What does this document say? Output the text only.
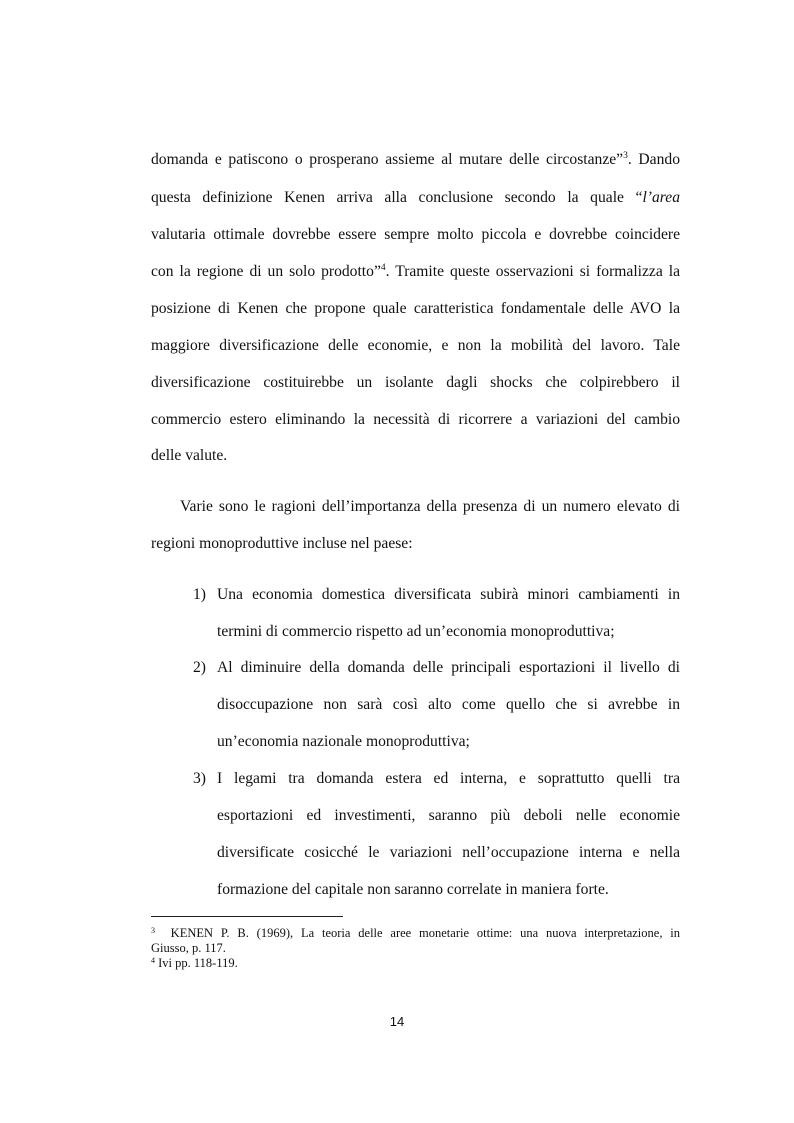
domanda e patiscono o prosperano assieme al mutare delle circostanze”$^3$. Dando
questa definizione Kenen arriva alla conclusione secondo la quale “l’area
valutaria ottimale dovrebbe essere sempre molto piccola e dovrebbe coincidere
con la regione di un solo prodotto”$^4$. Tramite queste osservazioni si formalizza la
posizione di Kenen che propone quale caratteristica fondamentale delle AVO la
maggiore diversificazione delle economie, e non la mobilità del lavoro. Tale
diversificazione costituirebbe un isolante dagli shocks che colpirebbero il
commercio estero eliminando la necessità di ricorrere a variazioni del cambio
delle valute.
Varie sono le ragioni dell’importanza della presenza di un numero elevato di
regioni monoproduttive incluse nel paese:
1) Una economia domestica diversificata subirà minori cambiamenti in
termini di commercio rispetto ad un’economia monoproduttiva;
2) Al diminuire della domanda delle principali esportazioni il livello di
disoccupazione non sarà così alto come quello che si avrebbe in
un’economia nazionale monoproduttiva;
3) I legami tra domanda estera ed interna, e soprattutto quelli tra
esportazioni ed investimenti, saranno più deboli nelle economie
diversificate cosicché le variazioni nell’occupazione interna e nella
formazione del capitale non saranno correlate in maniera forte.
$^3$ KENEN P. B. (1969), La teoria delle aree monetarie ottime: una nuova interpretazione, in
Giusso, p. 117.
$^4$ Ivi pp. 118-119.
14
